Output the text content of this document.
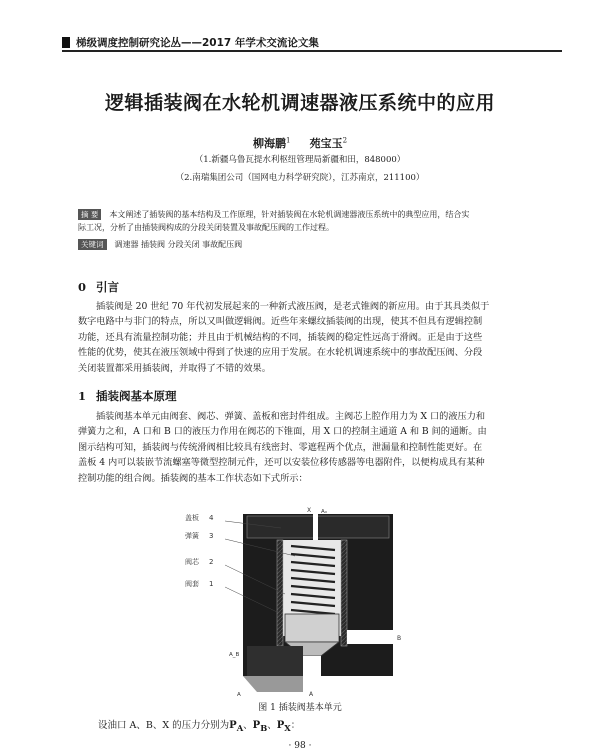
梯级调度控制研究论丛——2017 年学术交流论文集
逻辑插装阀在水轮机调速器液压系统中的应用
柳海鹏$^1$ 苑宝玉$^2$
（1.新疆乌鲁瓦提水利枢纽管理局新疆和田，848000）
（2.南瑞集团公司（国网电力科学研究院），江苏南京，211100）
摘 要 本文阐述了插装阀的基本结构及工作原理，针对插装阀在水轮机调速器液压系统中的典型应用，结合实
际工况，分析了由插装阀构成的分段关闭装置及事故配压阀的工作过程。
关键词 调速器 插装阀 分段关闭 事故配压阀
0 引言
插装阀是 20 世纪 70 年代初发展起来的一种新式液压阀，是老式锥阀的新应用。由于其具类似于
数字电路中与非门的特点，所以又叫做逻辑阀。近些年来螺纹插装阀的出现，使其不但具有逻辑控制
功能，还具有流量控制功能；并且由于机械结构的不同，插装阀的稳定性远高于滑阀。正是由于这些
性能的优势，使其在液压领域中得到了快速的应用于发展。在水轮机调速系统中的事故配压阀、分段
关闭装置都采用插装阀，并取得了不错的效果。
1 插装阀基本原理
插装阀基本单元由阀套、阀芯、弹簧、盖板和密封件组成。主阀芯上腔作用力为 X 口的液压力和
弹簧力之和，A 口和 B 口的液压力作用在阀芯的下锥面，用 X 口的控制主通道 A 和 B 间的通断。由
图示结构可知，插装阀与传统滑阀相比较具有线密封、零遮程两个优点，泄漏量和控制性能更好。在
盖板 4 内可以装嵌节流螺塞等微型控制元件，还可以安装位移传感器等电器附件，以便构成具有某种
控制功能的组合阀。插装阀的基本工作状态如下式所示：
盖板 4
弹簧 3
阀芯 2
阀套 1
X Aₓ
A_B
A	A
B
图 1 插装阀基本单元
设油口 A、B、X 的压力分别为$P_A$、$P_B$、$P_X$：
· 98 ·
